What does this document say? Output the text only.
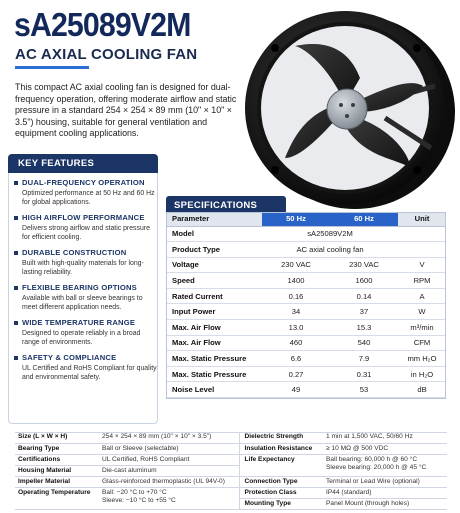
sA25089V2M
AC AXIAL COOLING FAN
This compact AC axial cooling fan is designed for dual-frequency operation, offering moderate airflow and static pressure in a standard 254 × 254 × 89 mm (10" × 10" × 3.5") housing, suitable for general ventilation and equipment cooling applications.
KEY FEATURES
DUAL-FREQUENCY OPERATION
Optimized performance at 50 Hz and 60 Hz for global applications.
HIGH AIRFLOW PERFORMANCE
Delivers strong airflow and static pressure for efficient cooling.
DURABLE CONSTRUCTION
Built with high-quality materials for long-lasting reliability.
FLEXIBLE BEARING OPTIONS
Available with ball or sleeve bearings to meet different application needs.
WIDE TEMPERATURE RANGE
Designed to operate reliably in a broad range of environments.
SAFETY & COMPLIANCE
UL Certified and RoHS Compliant for quality and environmental safety.
SPECIFICATIONS
Parameter	50 Hz	60 Hz	Unit
Model	sA25089V2M		
Product Type	AC axial cooling fan		
Voltage	230 VAC	230 VAC	V
Speed	1400	1600	RPM
Rated Current	0.16	0.14	A
Input Power	34	37	W
Max. Air Flow	13.0	15.3	m³/min
Max. Air Flow	460	540	CFM
Max. Static Pressure	6.6	7.9	mm H₂O
Max. Static Pressure	0.27	0.31	in H₂O
Noise Level	49	53	dB
Size (L × W × H)	254 × 254 × 89 mm (10" × 10" × 3.5")	Dielectric Strength	1 min at 1,500 VAC, 50/60 Hz
Bearing Type	Ball or Sleeve (selectable)	Insulation Resistance	≥ 10 MΩ @ 500 VDC
Certifications	UL Certified, RoHS Compliant	Life Expectancy	Ball bearing: 60,000 h @ 60 °C
Sleeve bearing: 20,000 h @ 45 °C

Housing Material	Die-cast aluminum		
Impeller Material	Glass-reinforced thermoplastic (UL 94V-0)	Connection Type	Terminal or Lead Wire (optional)
Operating Temperature	Ball: −20 °C to +70 °C
Sleeve: −10 °C to +55 °C	Protection Class	IP44 (standard)
		Mounting Type	Panel Mount (through holes)
